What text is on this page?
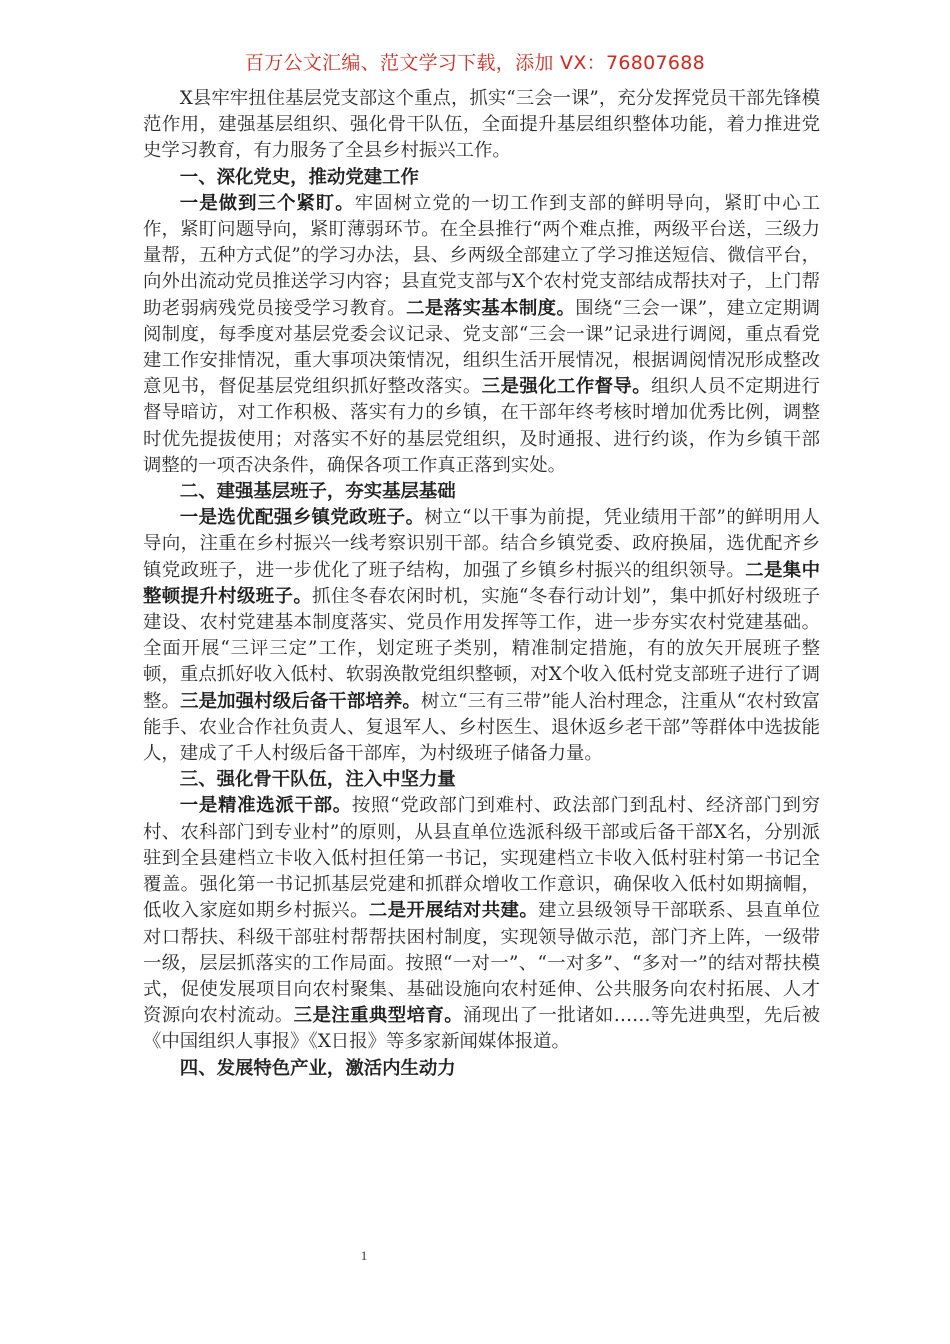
百万公文汇编、范文学习下载，添加 VX：76807688

X县牢牢扭住基层党支部这个重点，抓实“三会一课”，充分发挥党员干部先锋模范作用，建强基层组织、强化骨干队伍，全面提升基层组织整体功能，着力推进党史学习教育，有力服务了全县乡村振兴工作。

一、深化党史，推动党建工作

一是做到三个紧盯。牢固树立党的一切工作到支部的鲜明导向，紧盯中心工作，紧盯问题导向，紧盯薄弱环节。在全县推行“两个难点推，两级平台送，三级力量帮，五种方式促”的学习办法，县、乡两级全部建立了学习推送短信、微信平台，向外出流动党员推送学习内容；县直党支部与X个农村党支部结成帮扶对子，上门帮助老弱病残党员接受学习教育。二是落实基本制度。围绕“三会一课”，建立定期调阅制度，每季度对基层党委会议记录、党支部“三会一课”记录进行调阅，重点看党建工作安排情况，重大事项决策情况，组织生活开展情况，根据调阅情况形成整改意见书，督促基层党组织抓好整改落实。三是强化工作督导。组织人员不定期进行督导暗访，对工作积极、落实有力的乡镇，在干部年终考核时增加优秀比例，调整时优先提拔使用；对落实不好的基层党组织，及时通报、进行约谈，作为乡镇干部调整的一项否决条件，确保各项工作真正落到实处。

二、建强基层班子，夯实基层基础

一是选优配强乡镇党政班子。树立“以干事为前提，凭业绩用干部”的鲜明用人导向，注重在乡村振兴一线考察识别干部。结合乡镇党委、政府换届，选优配齐乡镇党政班子，进一步优化了班子结构，加强了乡镇乡村振兴的组织领导。二是集中整顿提升村级班子。抓住冬春农闲时机，实施“冬春行动计划”，集中抓好村级班子建设、农村党建基本制度落实、党员作用发挥等工作，进一步夯实农村党建基础。全面开展“三评三定”工作，划定班子类别，精准制定措施，有的放矢开展班子整顿，重点抓好收入低村、软弱涣散党组织整顿，对X个收入低村党支部班子进行了调整。三是加强村级后备干部培养。树立“三有三带”能人治村理念，注重从“农村致富能手、农业合作社负责人、复退军人、乡村医生、退休返乡老干部”等群体中选拔能人，建成了千人村级后备干部库，为村级班子储备力量。

三、强化骨干队伍，注入中坚力量

一是精准选派干部。按照“党政部门到难村、政法部门到乱村、经济部门到穷村、农科部门到专业村”的原则，从县直单位选派科级干部或后备干部X名，分别派驻到全县建档立卡收入低村担任第一书记，实现建档立卡收入低村驻村第一书记全覆盖。强化第一书记抓基层党建和抓群众增收工作意识，确保收入低村如期摘帽，低收入家庭如期乡村振兴。二是开展结对共建。建立县级领导干部联系、县直单位对口帮扶、科级干部驻村帮帮扶困村制度，实现领导做示范，部门齐上阵，一级带一级，层层抓落实的工作局面。按照“一对一”、“一对多”、“多对一”的结对帮扶模式，促使发展项目向农村聚集、基础设施向农村延伸、公共服务向农村拓展、人才资源向农村流动。三是注重典型培育。涌现出了一批诸如……等先进典型，先后被《中国组织人事报》《X日报》等多家新闻媒体报道。

四、发展特色产业，激活内生动力

1
